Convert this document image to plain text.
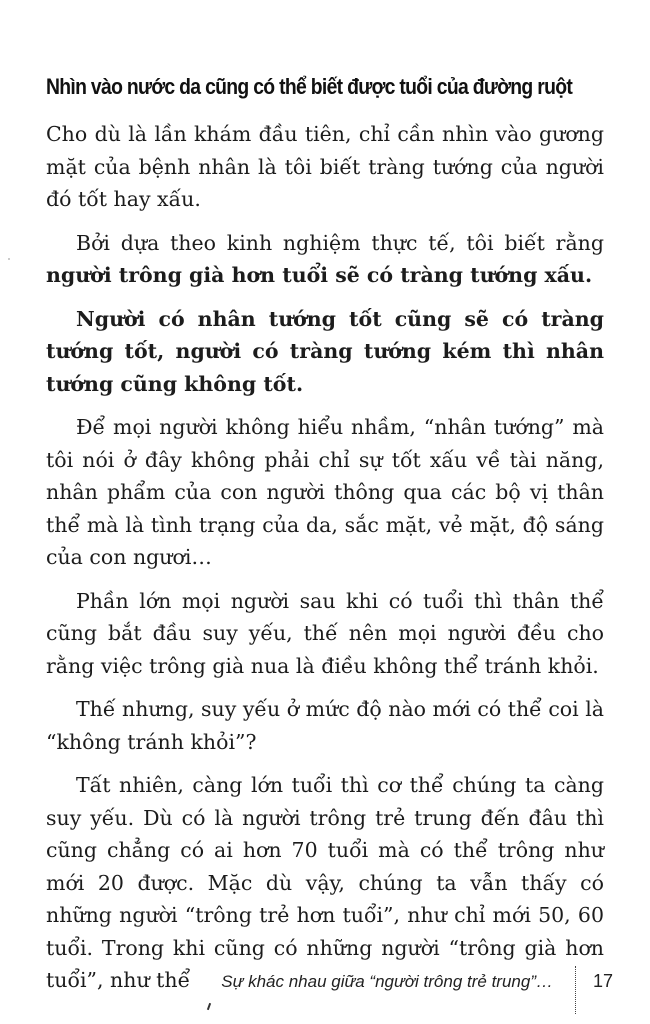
Nhìn vào nước da cũng có thể biết được tuổi của đường ruột

Cho dù là lần khám đầu tiên, chỉ cần nhìn vào gương mặt của bệnh nhân là tôi biết tràng tướng của người đó tốt hay xấu.

Bởi dựa theo kinh nghiệm thực tế, tôi biết rằng người trông già hơn tuổi sẽ có tràng tướng xấu.

Người có nhân tướng tốt cũng sẽ có tràng tướng tốt, người có tràng tướng kém thì nhân tướng cũng không tốt.

Để mọi người không hiểu nhầm, “nhân tướng” mà tôi nói ở đây không phải chỉ sự tốt xấu về tài năng, nhân phẩm của con người thông qua các bộ vị thân thể mà là tình trạng của da, sắc mặt, vẻ mặt, độ sáng của con ngươi…

Phần lớn mọi người sau khi có tuổi thì thân thể cũng bắt đầu suy yếu, thế nên mọi người đều cho rằng việc trông già nua là điều không thể tránh khỏi.

Thế nhưng, suy yếu ở mức độ nào mới có thể coi là “không tránh khỏi”?

Tất nhiên, càng lớn tuổi thì cơ thể chúng ta càng suy yếu. Dù có là người trông trẻ trung đến đâu thì cũng chẳng có ai hơn 70 tuổi mà có thể trông như mới 20 được. Mặc dù vậy, chúng ta vẫn thấy có những người “trông trẻ hơn tuổi”, như chỉ mới 50, 60 tuổi. Trong khi cũng có những người “trông già hơn tuổi”, như thể	Sự khác nhau giữa “người trông trẻ trung”… 17
